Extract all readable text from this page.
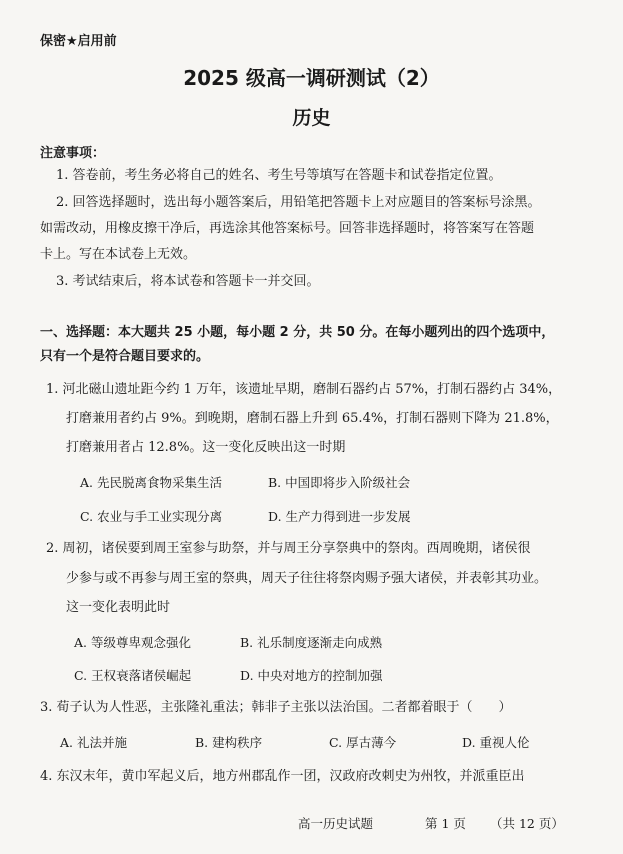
保密★启用前
2025 级高一调研测试（2）
历史
注意事项：
1. 答卷前，考生务必将自己的姓名、考生号等填写在答题卡和试卷指定位置。
2. 回答选择题时，选出每小题答案后，用铅笔把答题卡上对应题目的答案标号涂黑。
如需改动，用橡皮擦干净后，再选涂其他答案标号。回答非选择题时，将答案写在答题
卡上。写在本试卷上无效。
3. 考试结束后，将本试卷和答题卡一并交回。
一、选择题：本大题共 25 小题，每小题 2 分，共 50 分。在每小题列出的四个选项中，
只有一个是符合题目要求的。
1. 河北磁山遗址距今约 1 万年，该遗址早期，磨制石器约占 57%，打制石器约占 34%，
打磨兼用者约占 9%。到晚期，磨制石器上升到 65.4%，打制石器则下降为 21.8%，
打磨兼用者占 12.8%。这一变化反映出这一时期
A. 先民脱离食物采集生活	B. 中国即将步入阶级社会
C. 农业与手工业实现分离	D. 生产力得到进一步发展
2. 周初，诸侯要到周王室参与助祭，并与周王分享祭典中的祭肉。西周晚期，诸侯很
少参与或不再参与周王室的祭典，周天子往往将祭肉赐予强大诸侯，并表彰其功业。
这一变化表明此时
A. 等级尊卑观念强化	B. 礼乐制度逐渐走向成熟
C. 王权衰落诸侯崛起	D. 中央对地方的控制加强
3. 荀子认为人性恶，主张隆礼重法；韩非子主张以法治国。二者都着眼于（　　）
A. 礼法并施	B. 建构秩序	C. 厚古薄今	D. 重视人伦
4. 东汉末年，黄巾军起义后，地方州郡乱作一团，汉政府改刺史为州牧，并派重臣出
高一历史试题	第 1 页 （共 12 页）
